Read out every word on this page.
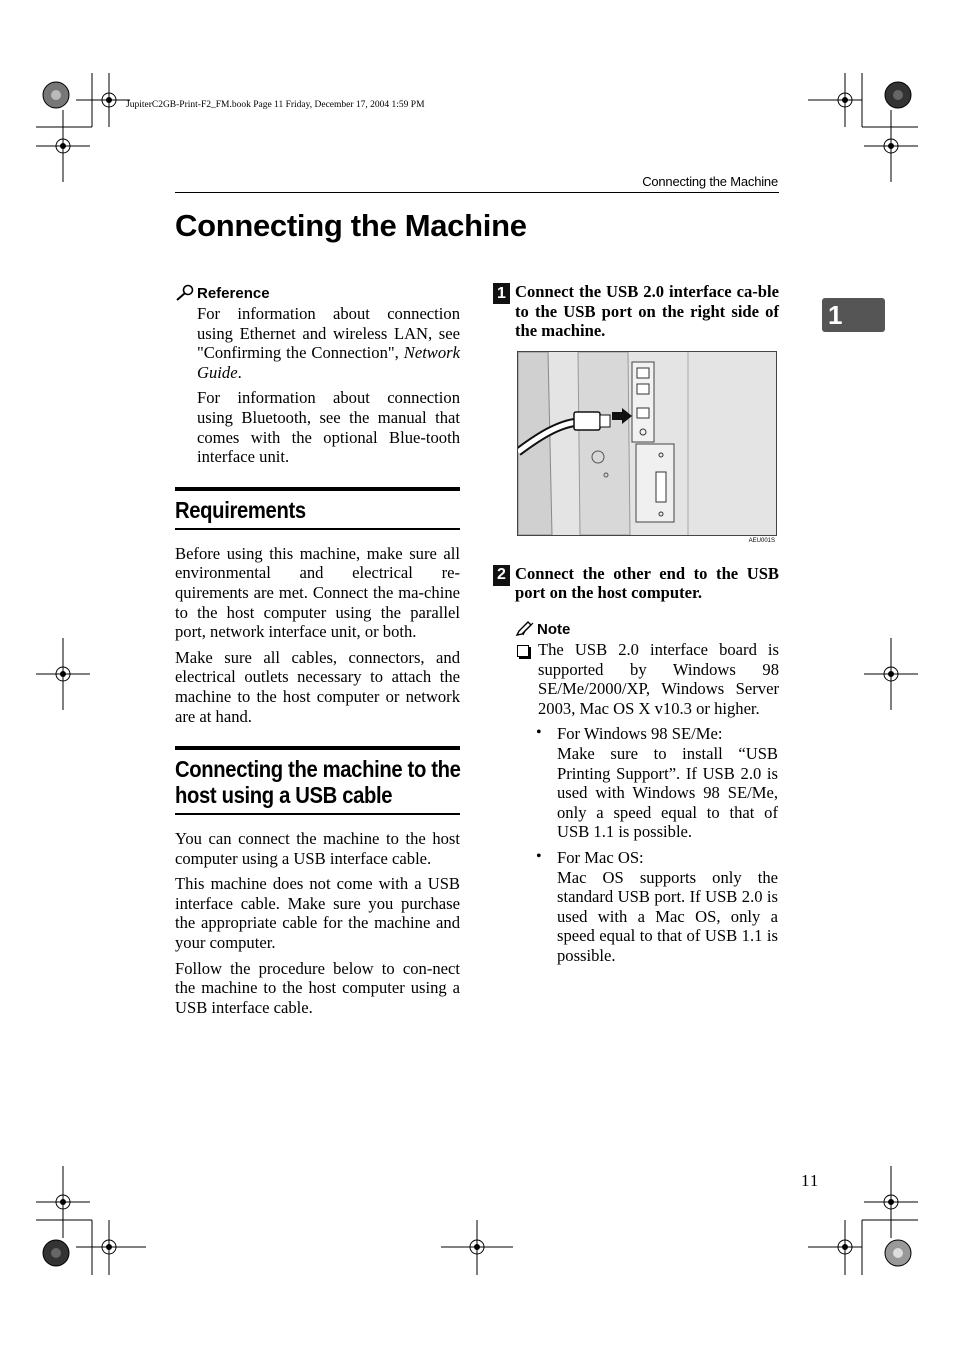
JupiterC2GB-Print-F2_FM.book Page 11 Friday, December 17, 2004 1:59 PM
Connecting the Machine
Connecting the Machine
Reference

For information about connection using Ethernet and wireless LAN, see "Confirming the Connection", Network Guide.

For information about connection using Bluetooth, see the manual that comes with the optional Blue-tooth interface unit.

Requirements

Before using this machine, make sure all environmental and electrical re-quirements are met. Connect the ma-chine to the host computer using the parallel port, network interface unit, or both.

Make sure all cables, connectors, and electrical outlets necessary to attach the machine to the host computer or network are at hand.

Connecting the machine to the
host using a USB cable

You can connect the machine to the host computer using a USB interface cable.

This machine does not come with a USB interface cable. Make sure you purchase the appropriate cable for the machine and your computer.

Follow the procedure below to con-nect the machine to the host computer using a USB interface cable.

1 Connect the USB 2.0 interface ca-ble to the USB port on the right side of the machine.
AEU001S
2 Connect the other end to the USB port on the host computer.
Note

The USB 2.0 interface board is supported by Windows 98 SE/Me/2000/XP, Windows Server 2003, Mac OS X v10.3 or higher.

• For Windows 98 SE/Me:
Make sure to install “USB Printing Support”. If USB 2.0 is used with Windows 98 SE/Me, only a speed equal to that of USB 1.1 is possible.
• For Mac OS:
Mac OS supports only the standard USB port. If USB 2.0 is used with a Mac OS, only a speed equal to that of USB 1.1 is possible.
1
11
